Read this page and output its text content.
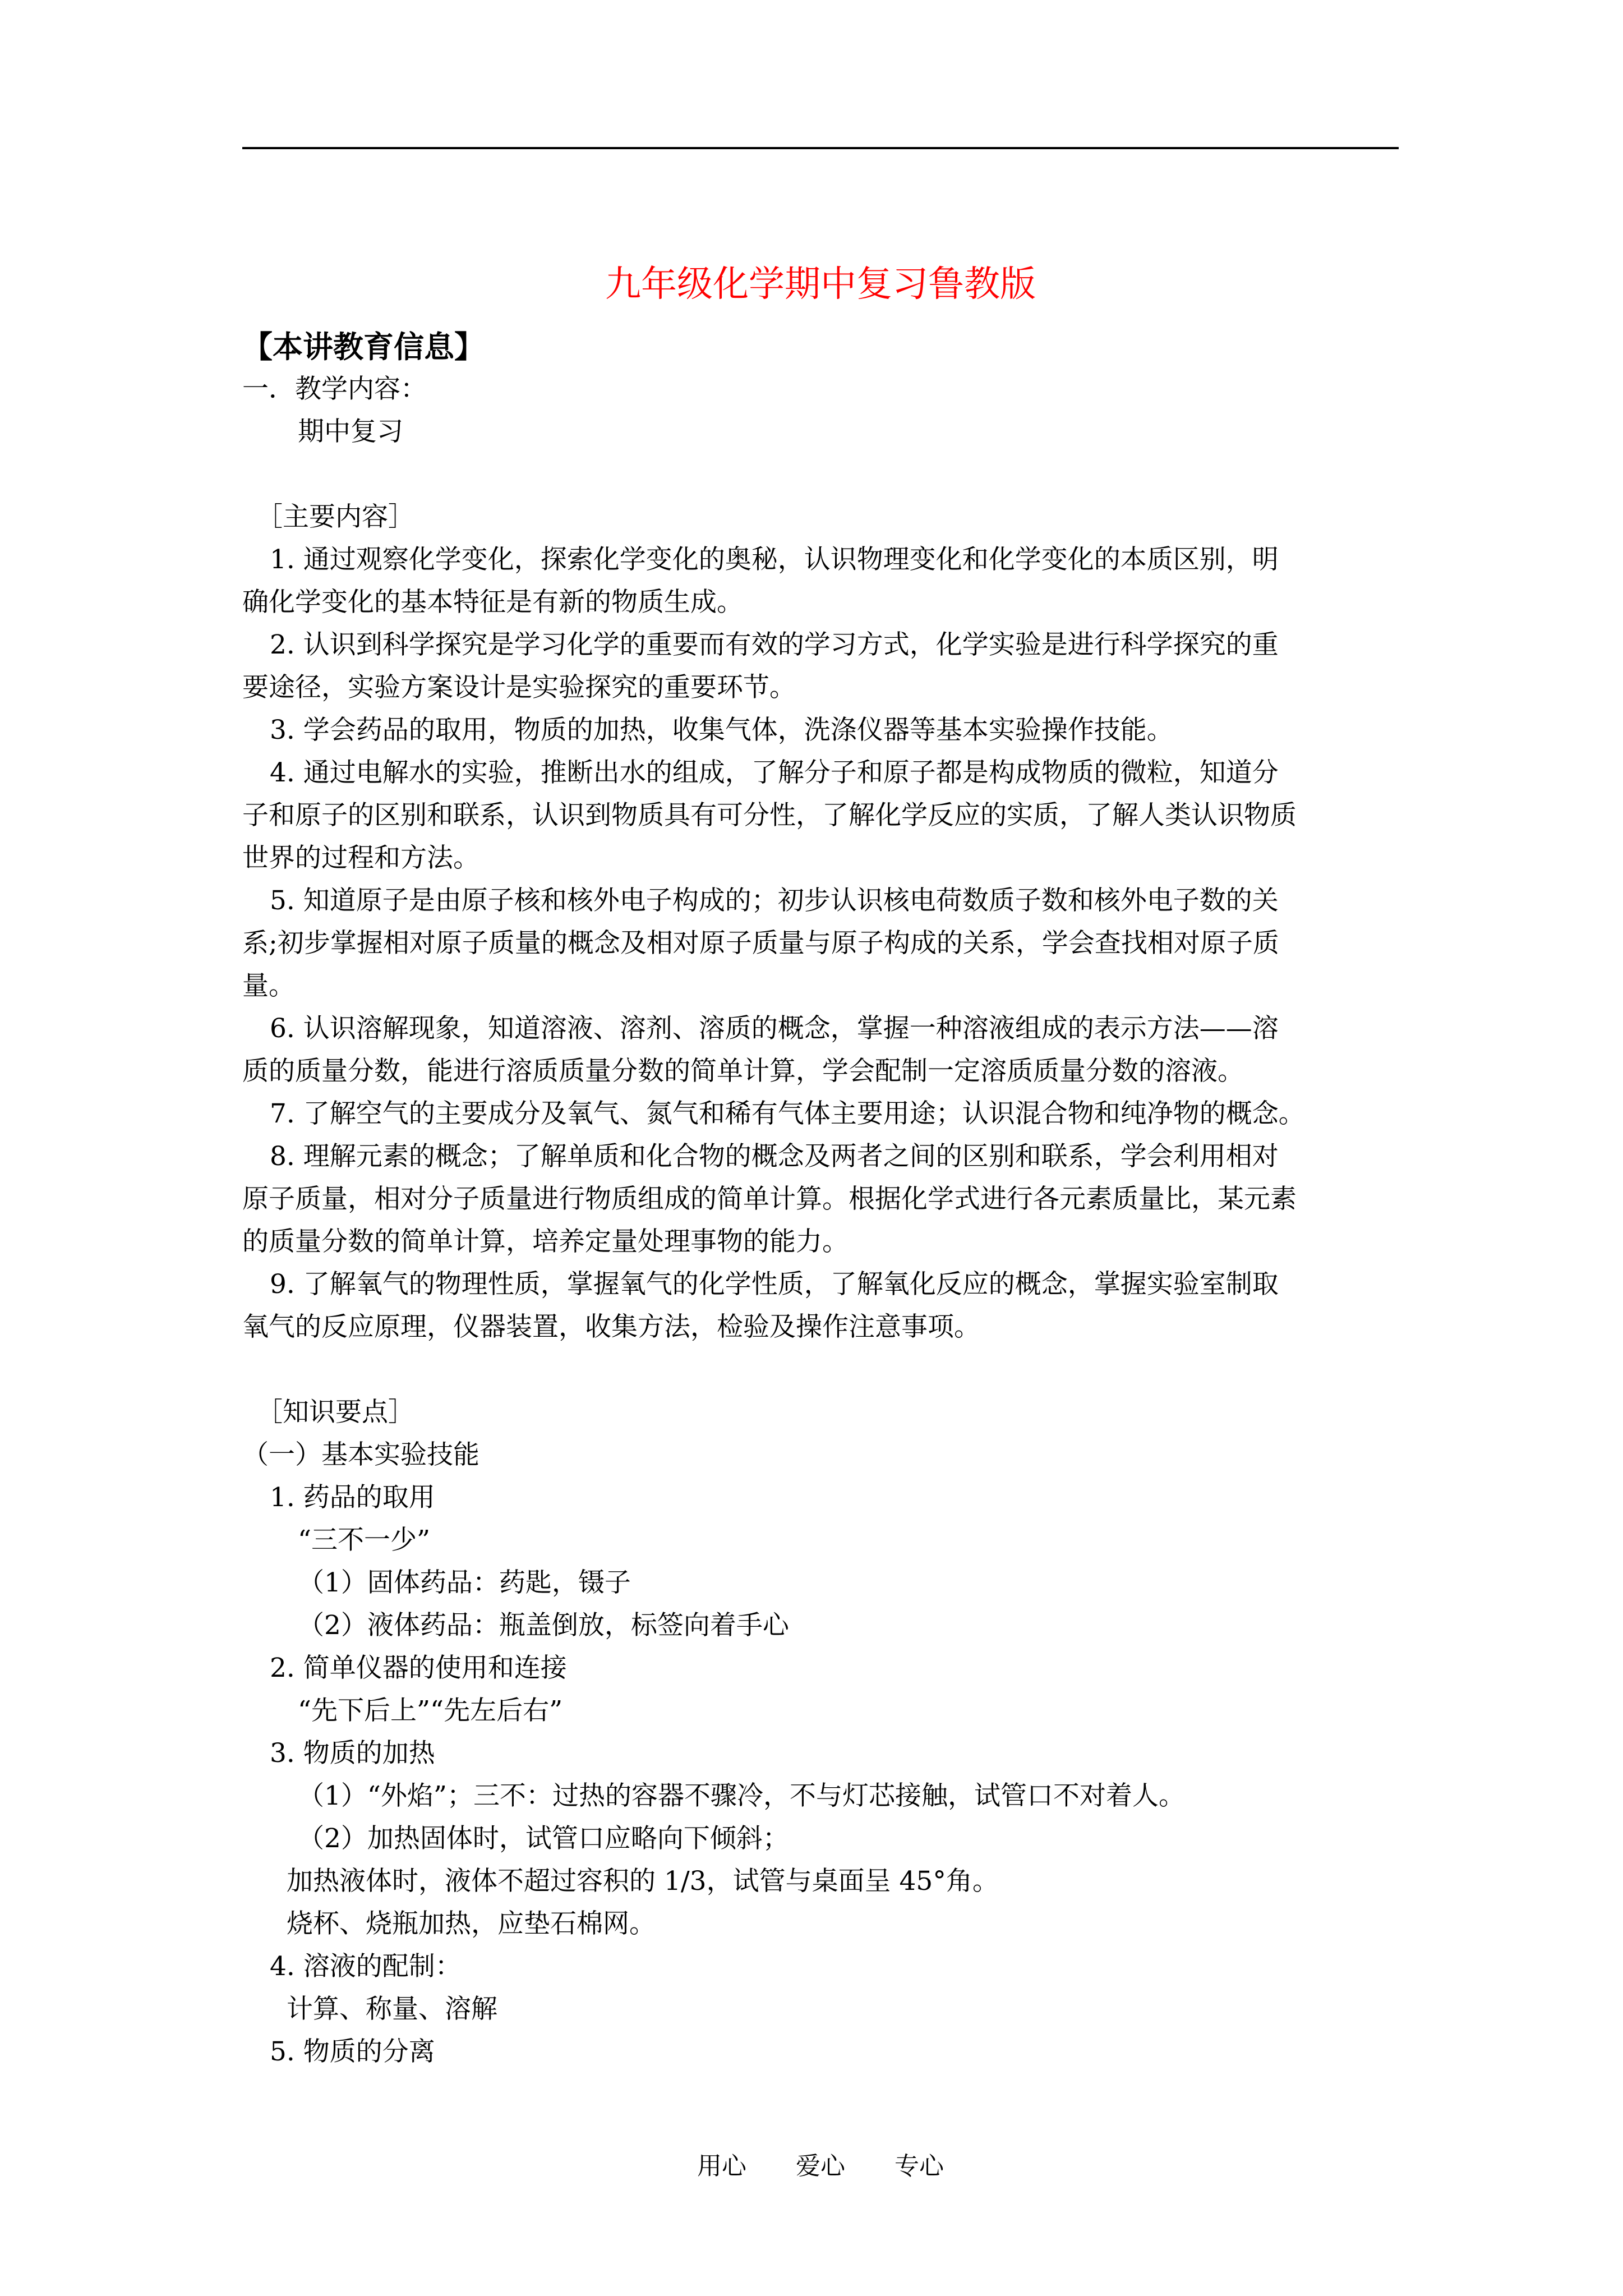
九年级化学期中复习鲁教版
【本讲教育信息】
一．教学内容：
期中复习
［主要内容］
1. 通过观察化学变化，探索化学变化的奥秘，认识物理变化和化学变化的本质区别，明
确化学变化的基本特征是有新的物质生成。
2. 认识到科学探究是学习化学的重要而有效的学习方式，化学实验是进行科学探究的重
要途径，实验方案设计是实验探究的重要环节。
3. 学会药品的取用，物质的加热，收集气体，洗涤仪器等基本实验操作技能。
4. 通过电解水的实验，推断出水的组成，了解分子和原子都是构成物质的微粒，知道分
子和原子的区别和联系，认识到物质具有可分性，了解化学反应的实质，了解人类认识物质
世界的过程和方法。
5. 知道原子是由原子核和核外电子构成的；初步认识核电荷数质子数和核外电子数的关
系;初步掌握相对原子质量的概念及相对原子质量与原子构成的关系，学会查找相对原子质
量。
6. 认识溶解现象，知道溶液、溶剂、溶质的概念，掌握一种溶液组成的表示方法——溶
质的质量分数，能进行溶质质量分数的简单计算，学会配制一定溶质质量分数的溶液。
7. 了解空气的主要成分及氧气、氮气和稀有气体主要用途；认识混合物和纯净物的概念。
8. 理解元素的概念；了解单质和化合物的概念及两者之间的区别和联系，学会利用相对
原子质量，相对分子质量进行物质组成的简单计算。根据化学式进行各元素质量比，某元素
的质量分数的简单计算，培养定量处理事物的能力。
9. 了解氧气的物理性质，掌握氧气的化学性质，了解氧化反应的概念，掌握实验室制取
氧气的反应原理，仪器装置，收集方法，检验及操作注意事项。
［知识要点］
（一）基本实验技能
1. 药品的取用
“三不一少”
（1）固体药品：药匙，镊子
（2）液体药品：瓶盖倒放，标签向着手心
2. 简单仪器的使用和连接
“先下后上”“先左后右”
3. 物质的加热
（1）“外焰”；三不：过热的容器不骤冷，不与灯芯接触，试管口不对着人。
（2）加热固体时，试管口应略向下倾斜；
加热液体时，液体不超过容积的 1/3，试管与桌面呈 45°角。
烧杯、烧瓶加热，应垫石棉网。
4. 溶液的配制：
计算、称量、溶解
5. 物质的分离
用心　　爱心　　专心
